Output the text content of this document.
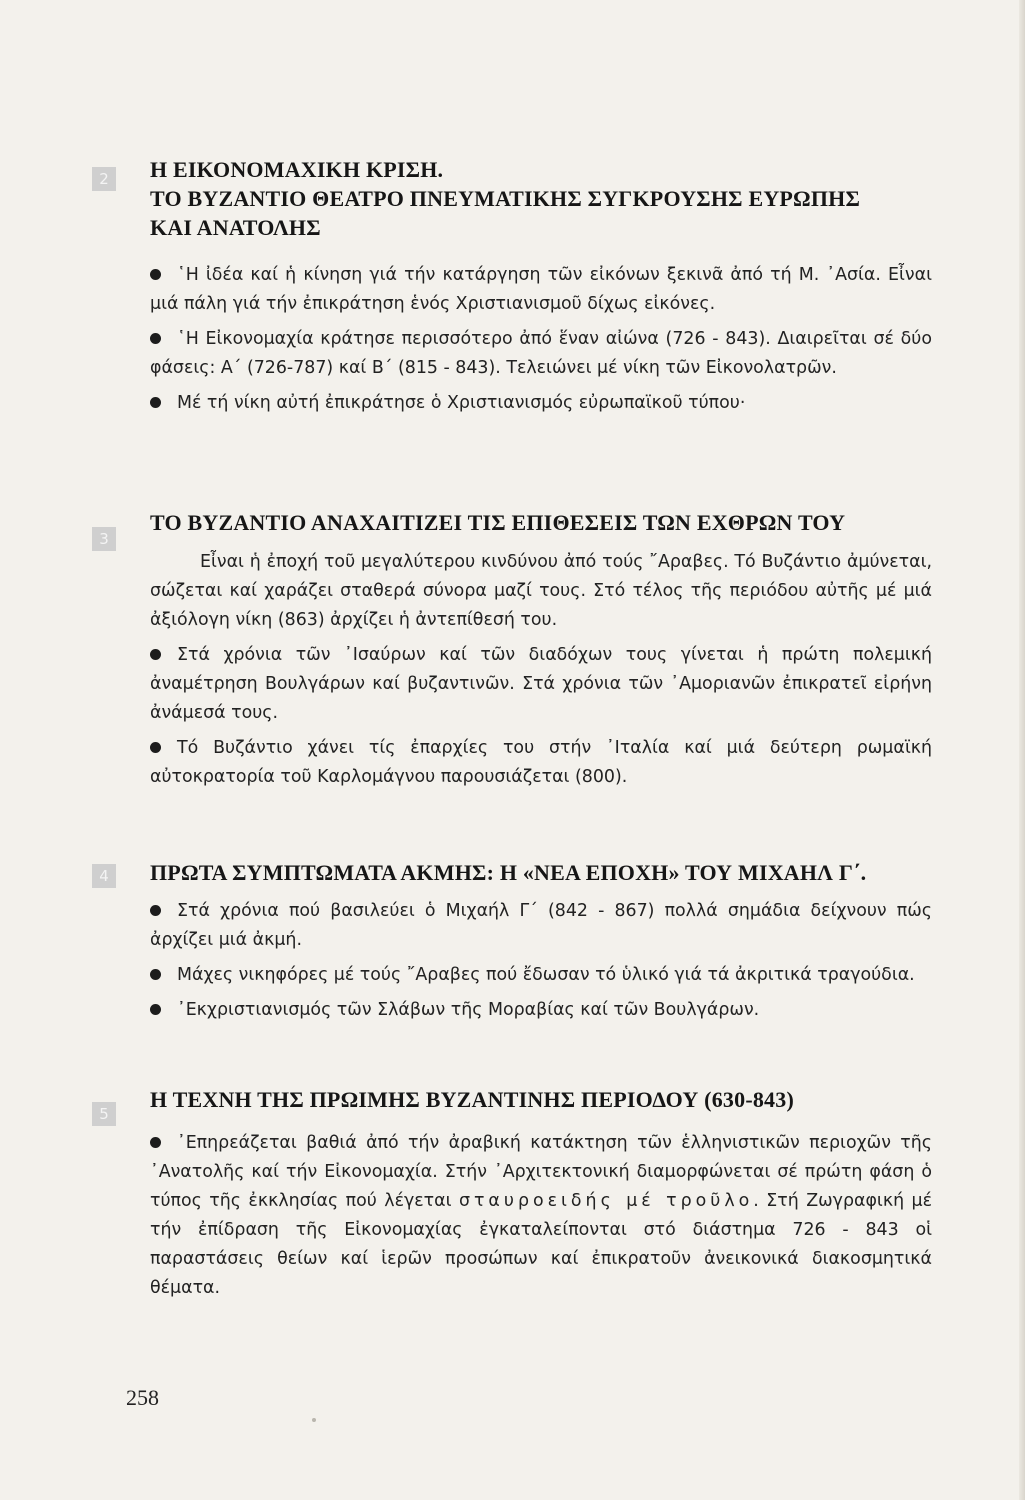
2	Η ΕΙΚΟΝΟΜΑΧΙΚΗ ΚΡΙΣΗ.
ΤΟ ΒΥΖΑΝΤΙΟ ΘΕΑΤΡΟ ΠΝΕΥΜΑΤΙΚΗΣ ΣΥΓΚΡΟΥΣΗΣ ΕΥΡΩΠΗΣ
ΚΑΙ ΑΝΑΤΟΛΗΣ

῾Η ἰδέα καί ἡ κίνηση γιά τήν κατάργηση τῶν εἰκόνων ξεκινᾶ ἀπό τή Μ. ᾿Ασία. Εἶναι μιά πάλη γιά τήν ἐπικράτηση ἑνός Χριστιανισμοῦ δίχως εἰκόνες.

῾Η Εἰκονομαχία κράτησε περισσότερο ἀπό ἕναν αἰώνα (726 - 843). Διαιρεῖται σέ δύο φάσεις: Α΄ (726-787) καί Β΄ (815 - 843). Τελειώνει μέ νίκη τῶν Εἰκονολατρῶν.

Μέ τή νίκη αὐτή ἐπικράτησε ὁ Χριστιανισμός εὐρωπαϊκοῦ τύπου·

3
ΤΟ ΒΥΖΑΝΤΙΟ ΑΝΑΧΑΙΤΙΖΕΙ ΤΙΣ ΕΠΙΘΕΣΕΙΣ ΤΩΝ ΕΧΘΡΩΝ ΤΟΥ

Εἶναι ἡ ἐποχή τοῦ μεγαλύτερου κινδύνου ἀπό τούς ῎Αραβες. Τό Βυζάντιο ἀμύνεται, σώζεται καί χαράζει σταθερά σύνορα μαζί τους. Στό τέλος τῆς περιόδου αὐτῆς μέ μιά ἀξιόλογη νίκη (863) ἀρχίζει ἡ ἀντεπίθεσή του.

Στά χρόνια τῶν ᾿Ισαύρων καί τῶν διαδόχων τους γίνεται ἡ πρώτη πολεμική ἀναμέτρηση Βουλγάρων καί βυζαντινῶν. Στά χρόνια τῶν ᾿Αμοριανῶν ἐπικρατεῖ εἰρήνη ἀνάμεσά τους.

Τό Βυζάντιο χάνει τίς ἐπαρχίες του στήν ᾿Ιταλία καί μιά δεύτερη ρωμαϊκή αὐτοκρατορία τοῦ Καρλομάγνου παρουσιάζεται (800).

4	ΠΡΩΤΑ ΣΥΜΠΤΩΜΑΤΑ ΑΚΜΗΣ: Η «ΝΕΑ ΕΠΟΧΗ» ΤΟΥ ΜΙΧΑΗΛ Γ΄.

Στά χρόνια πού βασιλεύει ὁ Μιχαήλ Γ΄ (842 - 867) πολλά σημάδια δείχνουν πώς ἀρχίζει μιά ἀκμή.

Μάχες νικηφόρες μέ τούς ῎Αραβες πού ἔδωσαν τό ὑλικό γιά τά ἀκριτικά τραγούδια.

᾿Εκχριστιανισμός τῶν Σλάβων τῆς Μοραβίας καί τῶν Βουλγάρων.

5
Η ΤΕΧΝΗ ΤΗΣ ΠΡΩΙΜΗΣ ΒΥΖΑΝΤΙΝΗΣ ΠΕΡΙΟΔΟΥ (630-843)

᾿Επηρεάζεται βαθιά ἀπό τήν ἀραβική κατάκτηση τῶν ἑλληνιστικῶν περιοχῶν τῆς ᾿Ανατολῆς καί τήν Εἰκονομαχία. Στήν ᾿Αρχιτεκτονική διαμορφώνεται σέ πρώτη φάση ὁ τύπος τῆς ἐκκλησίας πού λέγεται σταυροειδής μέ τροῦλο. Στή Ζωγραφική μέ τήν ἐπίδραση τῆς Εἰκονομαχίας ἐγκαταλείπονται στό διάστημα 726 - 843 οἱ παραστάσεις θείων καί ἱερῶν προσώπων καί ἐπικρατοῦν ἀνεικονικά διακοσμητικά θέματα.

258
